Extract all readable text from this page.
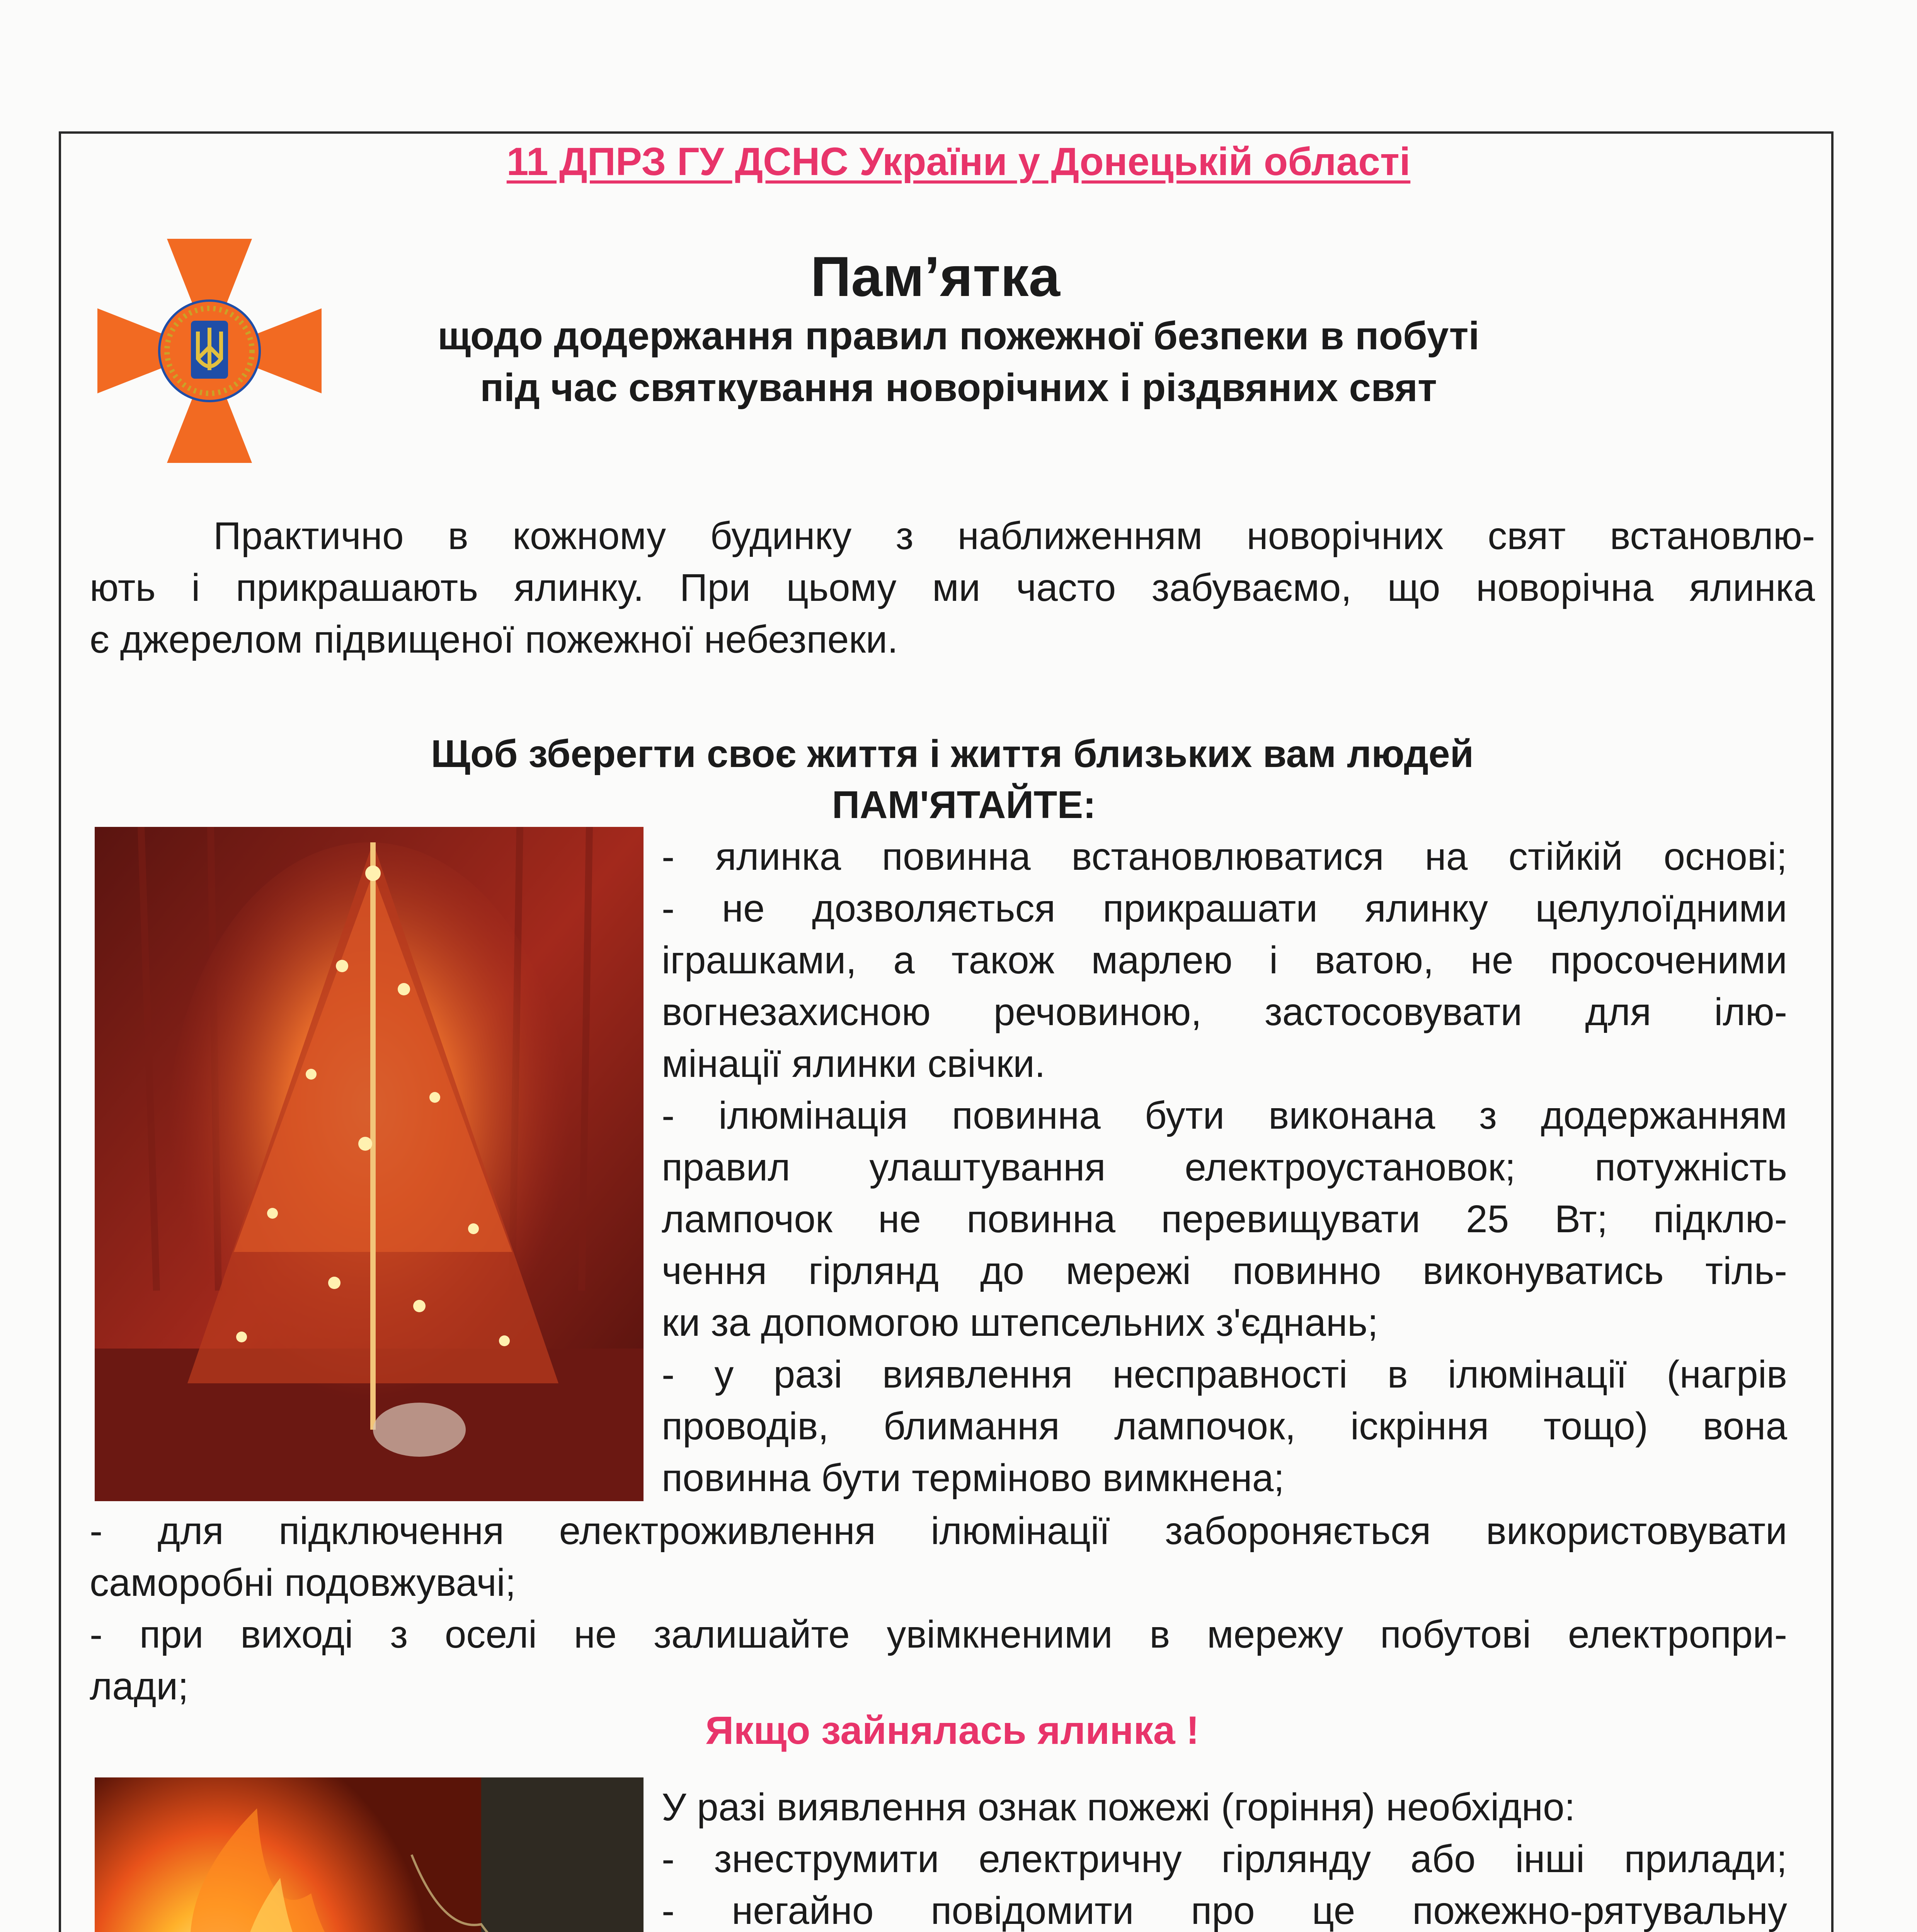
11 ДПРЗ ГУ ДСНС України у Донецькій області

Пам’ятка

щодо додержання правил пожежної безпеки в побуті
під час святкування новорічних і різдвяних свят
Практично в кожному будинку з наближенням новорічних свят встановлю-
ють і прикрашають ялинку. При цьому ми часто забуваємо, що новорічна ялинка
є джерелом підвищеної пожежної небезпеки.
Щоб зберегти своє життя і життя близьких вам людей
ПАМ'ЯТАЙТЕ:
- ялинка повинна встановлюватися на стійкій основі;
- не дозволяється прикрашати ялинку целулоїдними
іграшками, а також марлею і ватою, не просоченими
вогнезахисною речовиною, застосовувати для ілю-
мінації ялинки свічки.
- ілюмінація повинна бути виконана з додержанням
правил улаштування електроустановок; потужність
лампочок не повинна перевищувати 25 Вт; підклю-
чення гірлянд до мережі повинно виконуватись тіль-
ки за допомогою штепсельних з'єднань;
- у разі виявлення несправності в ілюмінації (нагрів
проводів, блимання лампочок, іскріння тощо) вона
повинна бути терміново вимкнена;
- для підключення електроживлення ілюмінації забороняється використовувати
саморобні подовжувачі;
- при виході з оселі не залишайте увімкненими в мережу побутові електропри-
лади;

Якщо зайнялась ялинка !

У разі виявлення ознак пожежі (горіння) необхідно:
- знеструмити електричну гірлянду або інші прилади;
- негайно повідомити про це пожежно-рятувальну
